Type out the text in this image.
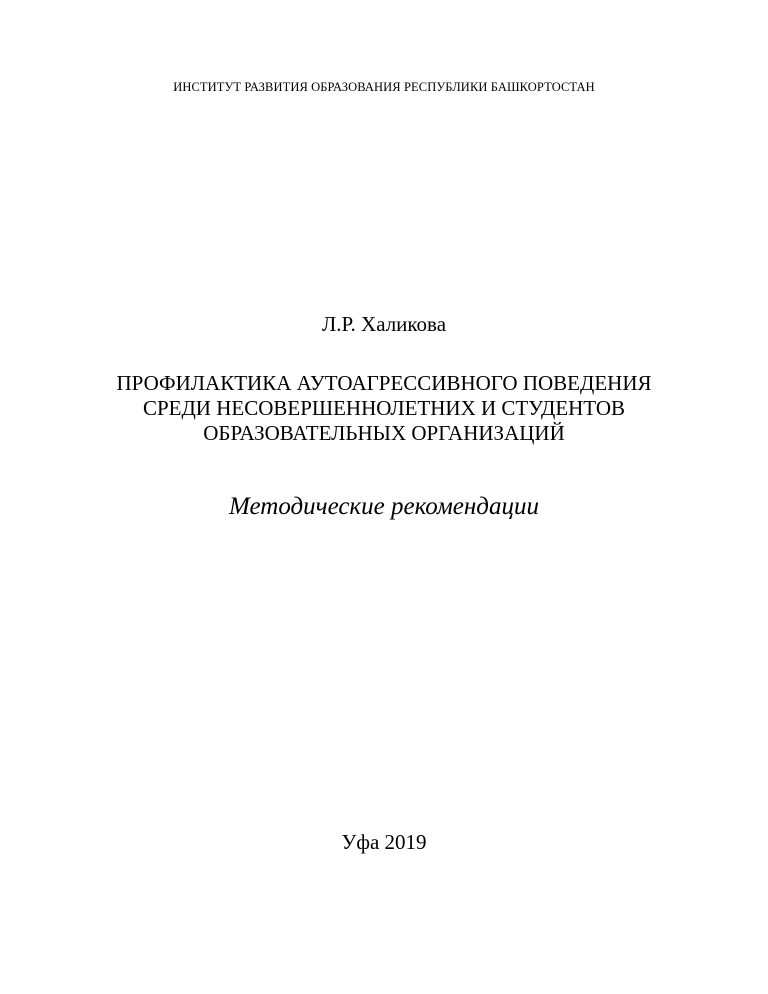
ИНСТИТУТ РАЗВИТИЯ ОБРАЗОВАНИЯ РЕСПУБЛИКИ БАШКОРТОСТАН

Л.Р. Халикова

ПРОФИЛАКТИКА АУТОАГРЕССИВНОГО ПОВЕДЕНИЯ
СРЕДИ НЕСОВЕРШЕННОЛЕТНИХ И СТУДЕНТОВ
ОБРАЗОВАТЕЛЬНЫХ ОРГАНИЗАЦИЙ

Методические рекомендации

Уфа 2019
